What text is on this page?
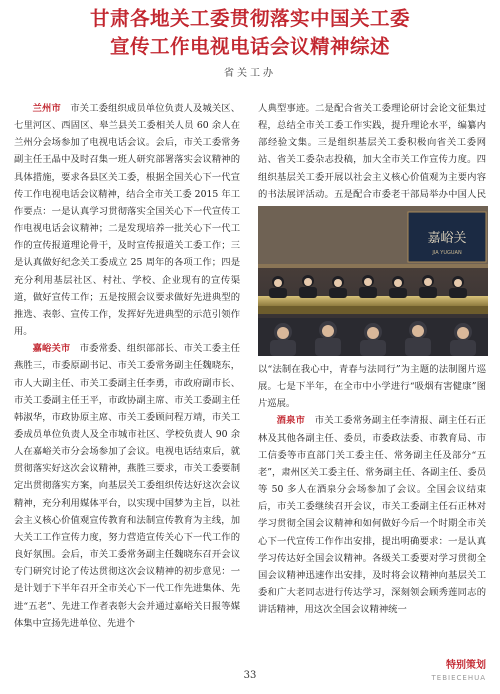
甘肃各地关工委贯彻落实中国关工委
宣传工作电视电话会议精神综述
省关工办

兰州市　市关工委组织成员单位负责人及城关区、七里河区、西固区、皋兰县关工委相关人员 60 余人在兰州分会场参加了电视电话会议。会后，市关工委常务副主任王晶中及时召集一班人研究部署落实会议精神的具体措施，要求各县区关工委，根据全国关心下一代宣传工作电视电话会议精神，结合全市关工委 2015 年工作要点：一是认真学习贯彻落实全国关心下一代宣传工作电视电话会议精神；二是发现培养一批关心下一代工作的宣传报道理论骨干，及时宣传报道关工委工作；三是认真做好纪念关工委成立 25 周年的各项工作；四是充分利用基层社区、村社、学校、企业现有的宣传渠道，做好宣传工作；五是按照会议要求做好先进典型的推选、表彰、宣传工作，发挥好先进典型的示范引领作用。

嘉峪关市　市委常委、组织部部长、市关工委主任燕胜三，市委原副书记、市关工委常务副主任魏晓东，市人大副主任、市关工委副主任李勇，市政府副市长、市关工委副主任王平，市政协副主席、市关工委副主任韩淑华，市政协原主席、市关工委顾问程万靖，市关工委成员单位负责人及全市城市社区、学校负责人 90 余人在嘉峪关市分会场参加了会议。电视电话结束后，就贯彻落实好这次会议精神，燕胜三要求，市关工委要制定出贯彻落实方案，向基层关工委组织传达好这次会议精神，充分利用媒体平台，以实现中国梦为主旨，以社会主义核心价值观宣传教育和法制宣传教育为主线，加大关工工作宣传力度，努力营造宣传关心下一代工作的良好氛围。会后，市关工委常务副主任魏晓东召开会议专门研究讨论了传达贯彻这次会议精神的初步意见：一是计划于下半年召开全市关心下一代工作先进集体、先进“五老”、先进工作者表彰大会并通过嘉峪关日报等媒体集中宣扬先进单位、先进个

人典型事迹。二是配合省关工委理论研讨会论文征集过程，总结全市关工委工作实践，提升理论水平，编纂内部经验文集。三是组织基层关工委积极向省关工委网站、省关工委杂志投稿，加大全市关工作宣传力度。四组织基层关工委开展以社会主义核心价值观为主要内容的书法展评活动。五是配合市委老干部局举办中国人民
嘉峪关
JIA YUGUAN
以“法制在我心中，青春与法同行”为主题的法制图片巡展。七是下半年，在全市中小学进行“吸烟有害健康”图片巡展。

酒泉市　市关工委常务副主任李清报、副主任石正林及其他各副主任、委员，市委政法委、市教育局、市工信委等市直部门关工委主任、常务副主任及部分“五老”，肃州区关工委主任、常务副主任、各副主任、委员等 50 多人在酒泉分会场参加了会议。全国会议结束后，市关工委继续召开会议，市关工委副主任石正林对学习贯彻全国会议精神和如何做好今后一个时期全市关心下一代宣传工作作出安排，提出明确要求：一是认真学习传达好全国会议精神。各级关工委要对学习贯彻全国会议精神迅速作出安排，及时将会议精神向基层关工委和广大老同志进行传达学习，深刻领会顾秀莲同志的讲话精神，用这次全国会议精神统一

33
特别策划
TEBIECEHUA
